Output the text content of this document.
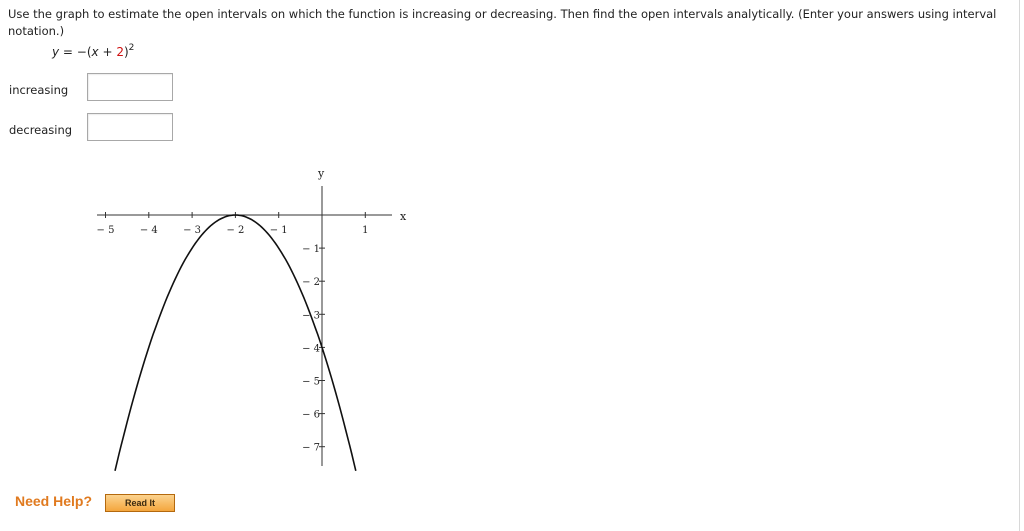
Use the graph to estimate the open intervals on which the function is increasing or decreasing. Then find the open intervals analytically. (Enter your answers using interval notation.)
$y = -(x + 2)^2$
increasing
decreasing
x
y
− 5	− 4	− 3	− 2	− 1	1
− 1
− 2
− 3
− 4
− 5
− 6
− 7
Need Help?	Read It
